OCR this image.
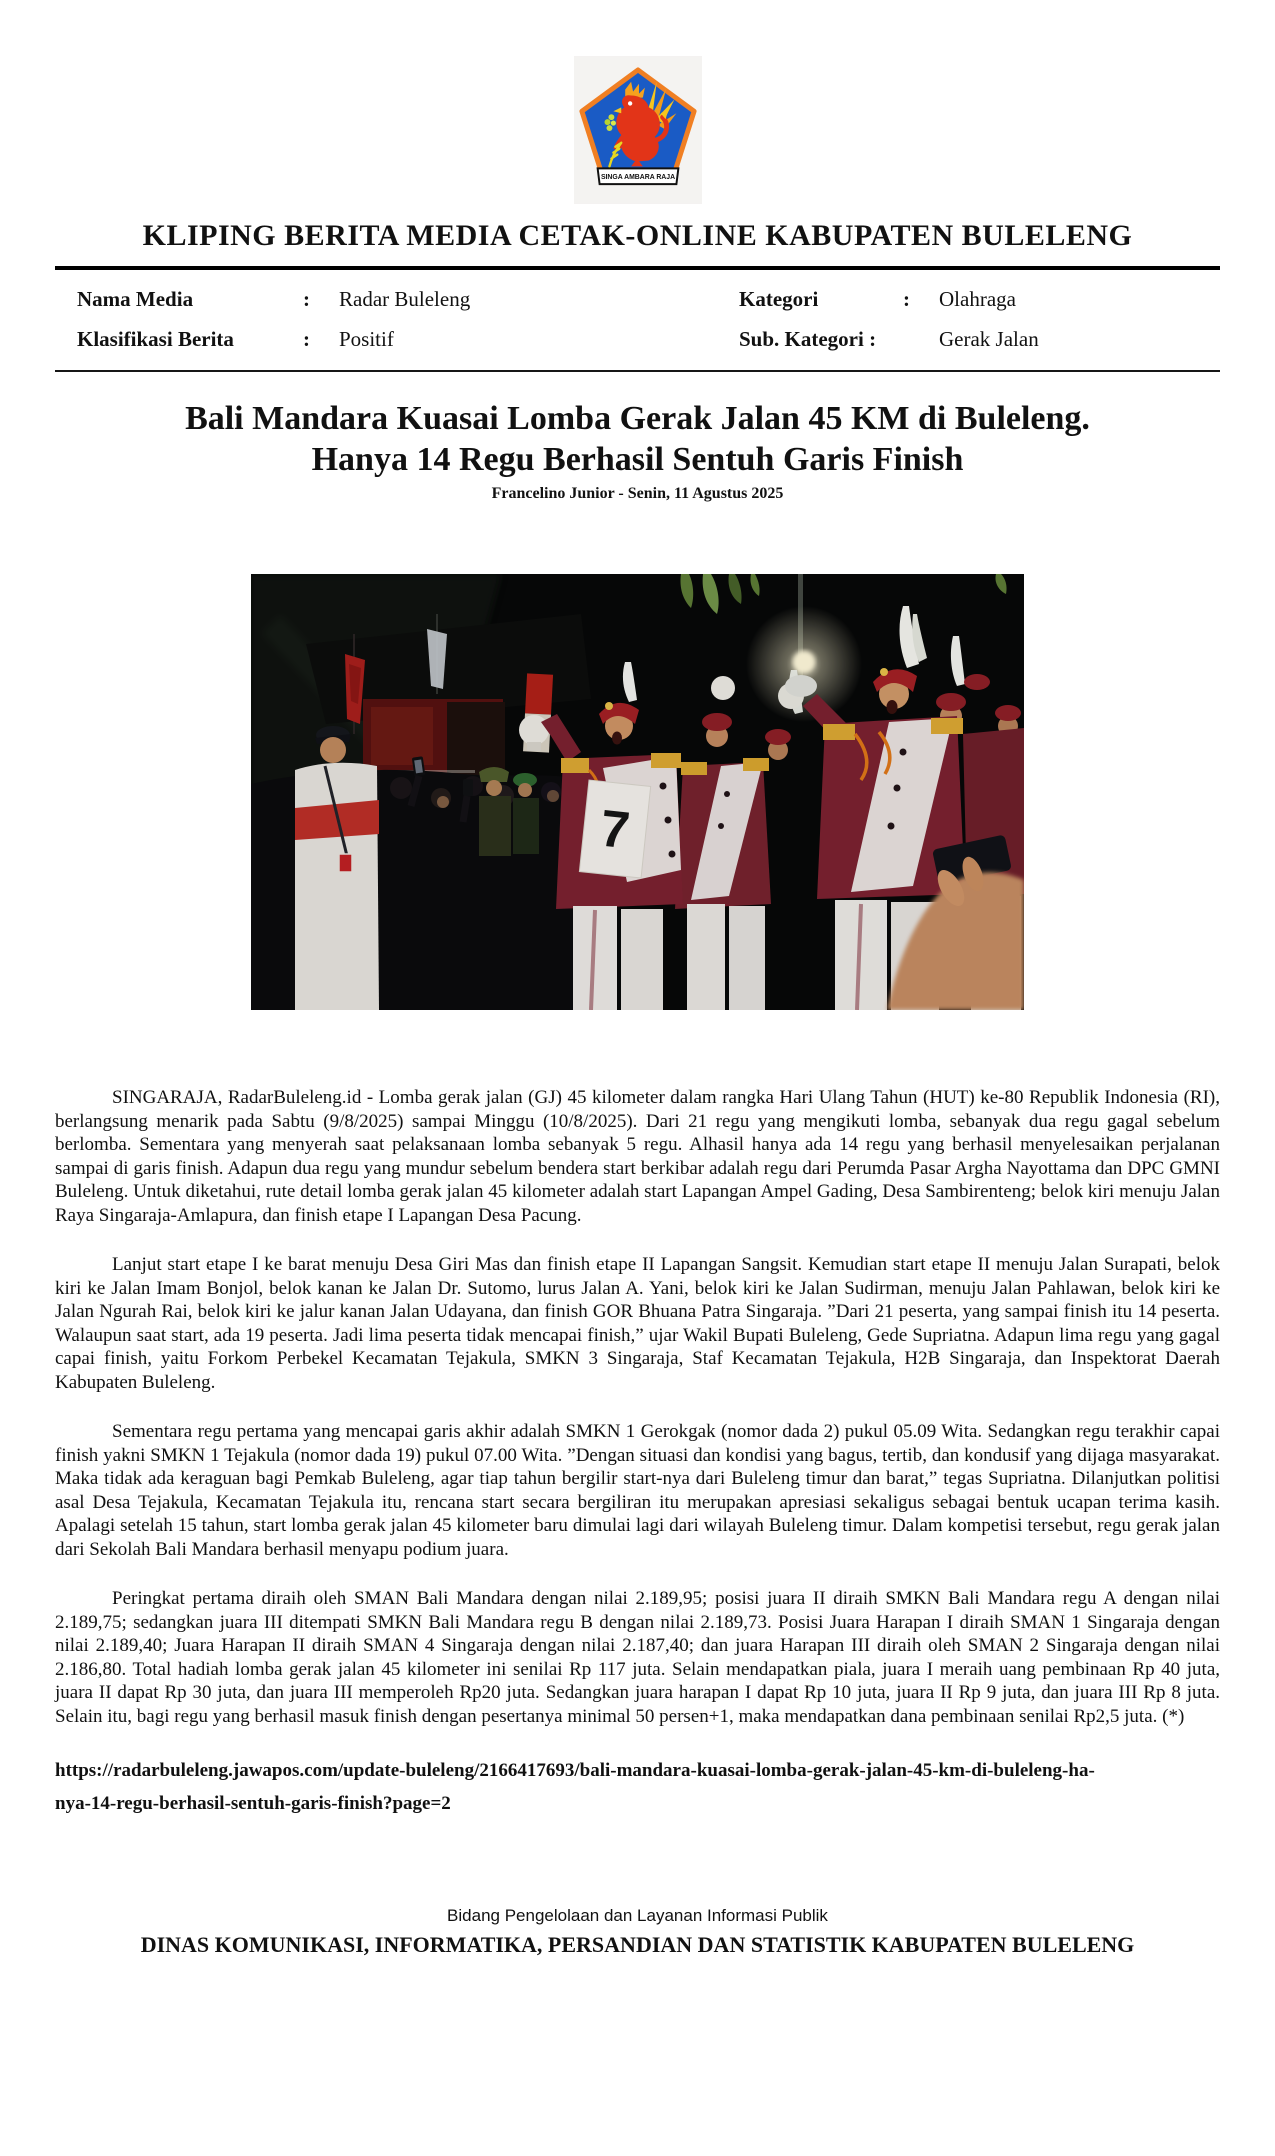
SINGA AMBARA RAJA
KLIPING BERITA MEDIA CETAK-ONLINE KABUPATEN BULELENG
Nama Media	:	Radar Buleleng
Klasifikasi Berita	:	Positif
Kategori	:	Olahraga
Sub. Kategori :	Gerak Jalan
Bali Mandara Kuasai Lomba Gerak Jalan 45 KM di Buleleng.
Hanya 14 Regu Berhasil Sentuh Garis Finish
Francelino Junior - Senin, 11 Agustus 2025
7

SINGARAJA, RadarBuleleng.id - Lomba gerak jalan (GJ) 45 kilometer dalam rangka Hari Ulang Tahun (HUT) ke-80 Republik Indonesia (RI), berlangsung menarik pada Sabtu (9/8/2025) sampai Minggu (10/8/2025). Dari 21 regu yang mengikuti lomba, sebanyak dua regu gagal sebelum berlomba. Sementara yang menyerah saat pelaksanaan lomba sebanyak 5 regu. Alhasil hanya ada 14 regu yang berhasil menyelesaikan perjalanan sampai di garis finish. Adapun dua regu yang mundur sebelum bendera start berkibar adalah regu dari Perumda Pasar Argha Nayottama dan DPC GMNI Buleleng. Untuk diketahui, rute detail lomba gerak jalan 45 kilometer adalah start Lapangan Ampel Gading, Desa Sambirenteng; belok kiri menuju Jalan Raya Singaraja-Amlapura, dan finish etape I Lapangan Desa Pacung.

Lanjut start etape I ke barat menuju Desa Giri Mas dan finish etape II Lapangan Sangsit. Kemudian start etape II menuju Jalan Surapati, belok kiri ke Jalan Imam Bonjol, belok kanan ke Jalan Dr. Sutomo, lurus Jalan A. Yani, belok kiri ke Jalan Sudirman, menuju Jalan Pahlawan, belok kiri ke Jalan Ngurah Rai, belok kiri ke jalur kanan Jalan Udayana, dan finish GOR Bhuana Patra Singaraja. ”Dari 21 peserta, yang sampai finish itu 14 peserta. Walaupun saat start, ada 19 peserta. Jadi lima peserta tidak mencapai finish,” ujar Wakil Bupati Buleleng, Gede Supriatna. Adapun lima regu yang gagal capai finish, yaitu Forkom Perbekel Kecamatan Tejakula, SMKN 3 Singaraja, Staf Kecamatan Tejakula, H2B Singaraja, dan Inspektorat Daerah Kabupaten Buleleng.

Sementara regu pertama yang mencapai garis akhir adalah SMKN 1 Gerokgak (nomor dada 2) pukul 05.09 Wita. Sedangkan regu terakhir capai finish yakni SMKN 1 Tejakula (nomor dada 19) pukul 07.00 Wita. ”Dengan situasi dan kondisi yang bagus, tertib, dan kondusif yang dijaga masyarakat. Maka tidak ada keraguan bagi Pemkab Buleleng, agar tiap tahun bergilir start-nya dari Buleleng timur dan barat,” tegas Supriatna. Dilanjutkan politisi asal Desa Tejakula, Kecamatan Tejakula itu, rencana start secara bergiliran itu merupakan apresiasi sekaligus sebagai bentuk ucapan terima kasih. Apalagi setelah 15 tahun, start lomba gerak jalan 45 kilometer baru dimulai lagi dari wilayah Buleleng timur. Dalam kompetisi tersebut, regu gerak jalan dari Sekolah Bali Mandara berhasil menyapu podium juara.

Peringkat pertama diraih oleh SMAN Bali Mandara dengan nilai 2.189,95; posisi juara II diraih SMKN Bali Mandara regu A dengan nilai 2.189,75; sedangkan juara III ditempati SMKN Bali Mandara regu B dengan nilai 2.189,73. Posisi Juara Harapan I diraih SMAN 1 Singaraja dengan nilai 2.189,40; Juara Harapan II diraih SMAN 4 Singaraja dengan nilai 2.187,40; dan juara Harapan III diraih oleh SMAN 2 Singaraja dengan nilai 2.186,80. Total hadiah lomba gerak jalan 45 kilometer ini senilai Rp 117 juta. Selain mendapatkan piala, juara I meraih uang pembinaan Rp 40 juta, juara II dapat Rp 30 juta, dan juara III memperoleh Rp20 juta. Sedangkan juara harapan I dapat Rp 10 juta, juara II Rp 9 juta, dan juara III Rp 8 juta. Selain itu, bagi regu yang berhasil masuk finish dengan pesertanya minimal 50 persen+1, maka mendapatkan dana pembinaan senilai Rp2,5 juta. (*)

https://radarbuleleng.jawapos.com/update-buleleng/2166417693/bali-mandara-kuasai-lomba-gerak-jalan-45-km-di-buleleng-ha-
nya-14-regu-berhasil-sentuh-garis-finish?page=2
Bidang Pengelolaan dan Layanan Informasi Publik
DINAS KOMUNIKASI, INFORMATIKA, PERSANDIAN DAN STATISTIK KABUPATEN BULELENG
